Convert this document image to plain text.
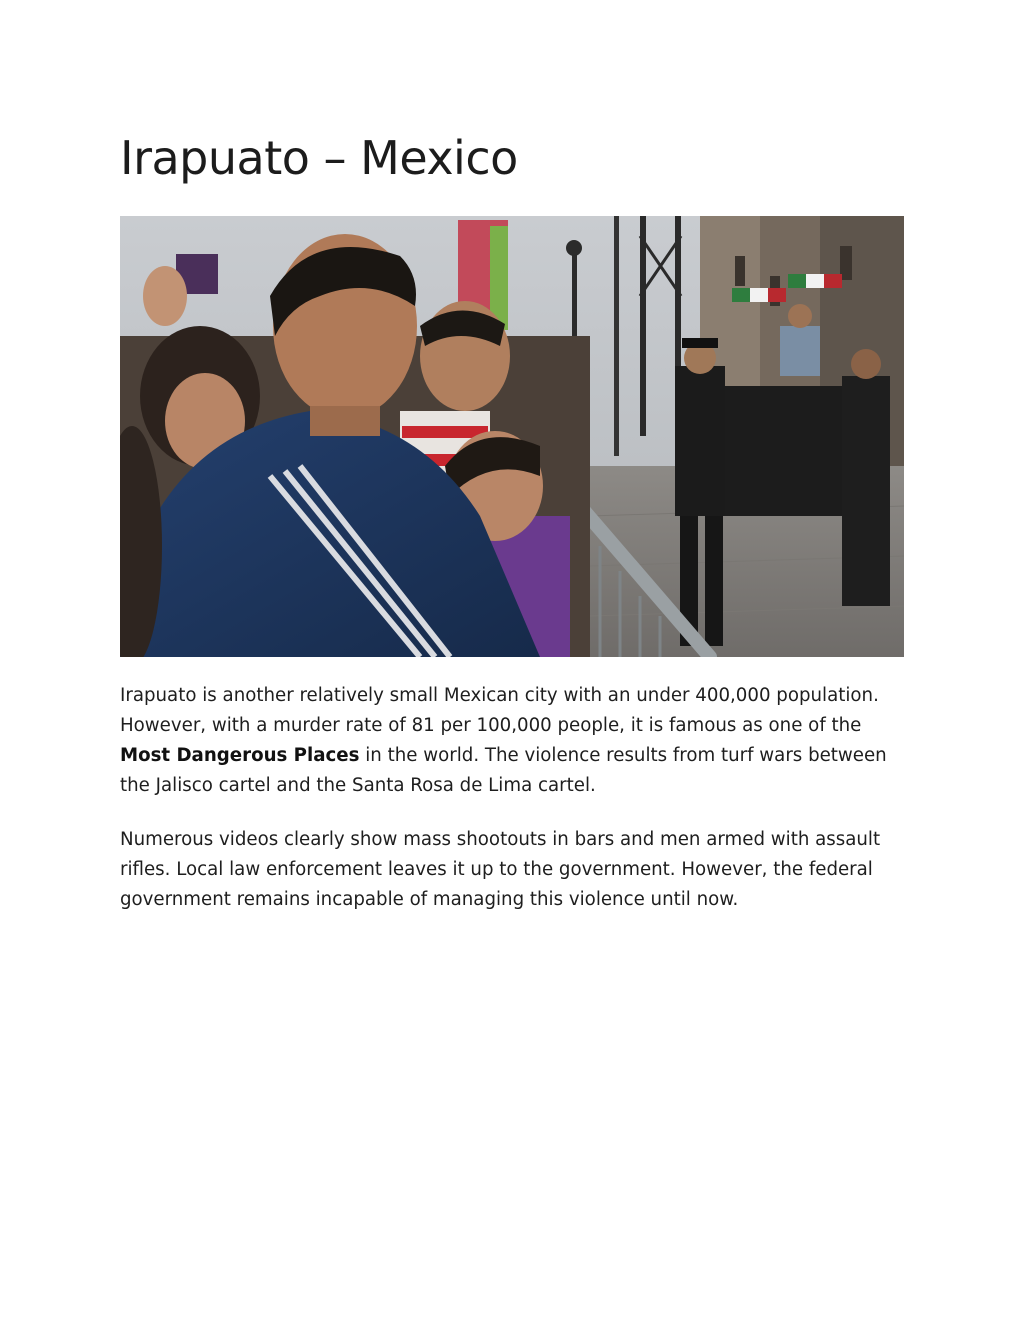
Irapuato – Mexico

Irapuato is another relatively small Mexican city with an under 400,000 population. However, with a murder rate of 81 per 100,000 people, it is famous as one of the Most Dangerous Places in the world. The violence results from turf wars between the Jalisco cartel and the Santa Rosa de Lima cartel.

Numerous videos clearly show mass shootouts in bars and men armed with assault rifles. Local law enforcement leaves it up to the government. However, the federal government remains incapable of managing this violence until now.
